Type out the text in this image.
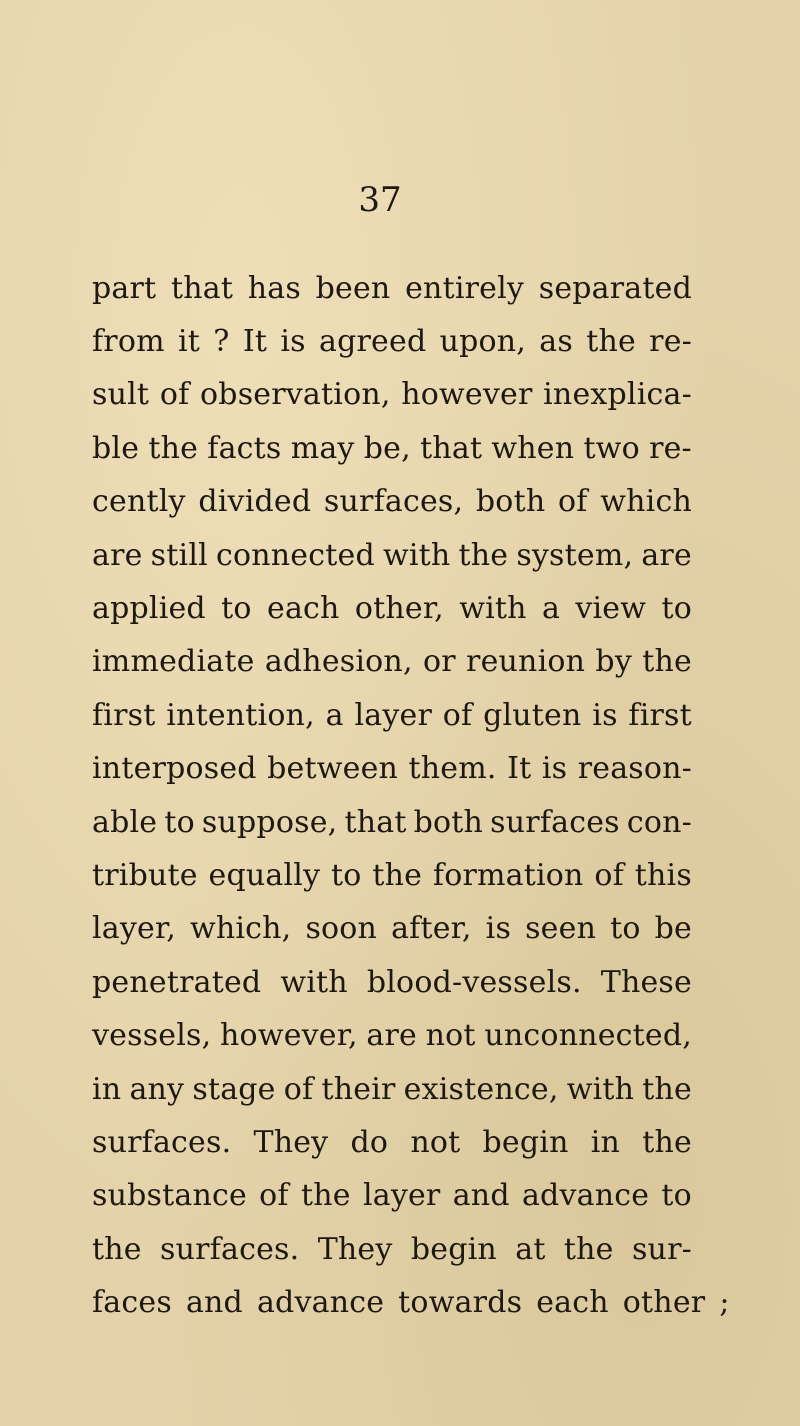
37
part that has been entirely separated
from it ? It is agreed upon, as the re-
sult of observation, however inexplica-
ble the facts may be, that when two re-
cently divided surfaces, both of which
are still connected with the system, are
applied to each other, with a view to
immediate adhesion, or reunion by the
first intention, a layer of gluten is first
interposed between them. It is reason-
able to suppose, that both surfaces con-
tribute equally to the formation of this
layer, which, soon after, is seen to be
penetrated with blood-vessels. These
vessels, however, are not unconnected,
in any stage of their existence, with the
surfaces. They do not begin in the
substance of the layer and advance to
the surfaces. They begin at the sur-
faces and advance towards each other ;
